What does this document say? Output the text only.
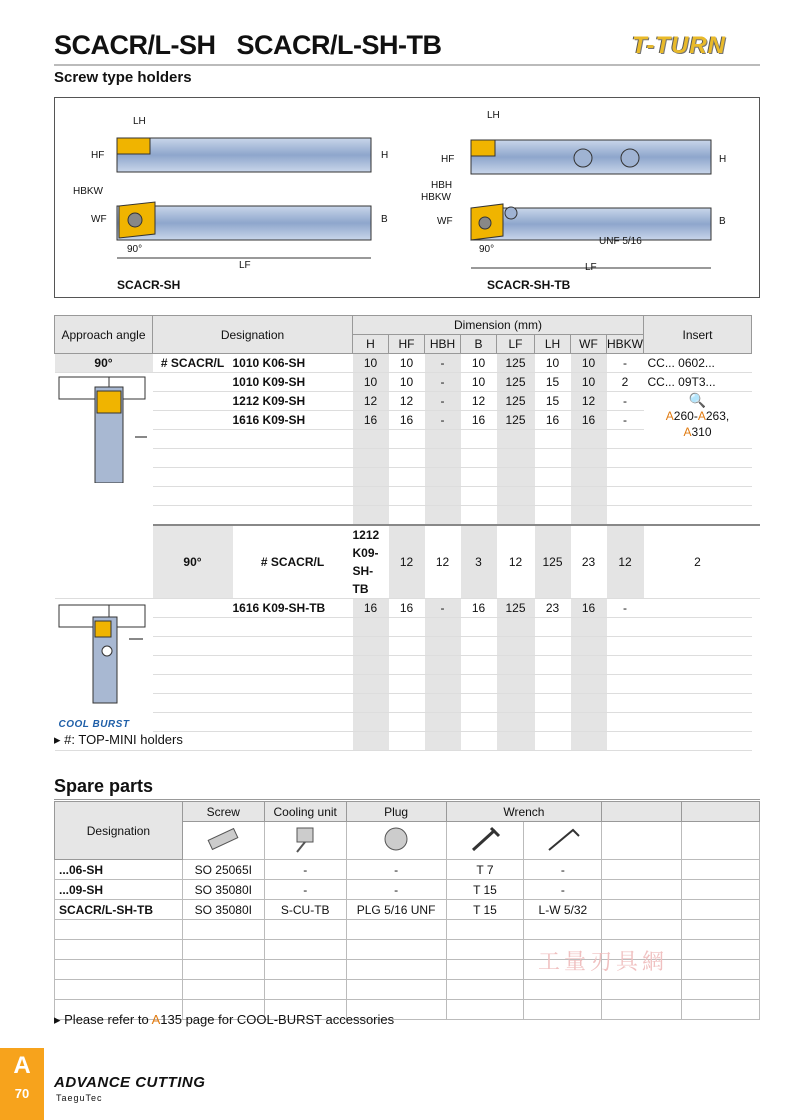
SCACR/L-SH   SCACR/L-SH-TB	T-TURN
Screw type holders
LH
HF	H
HBKW
WF	B
90°
LF
SCACR-SH
LH
HF	H
HBH
HBKW
WF	B
90°
UNF 5/16
LF
SCACR-SH-TB
Approach angle	Designation		Dimension (mm)								Insert	
			H	HF	HBH	B	LF	LH	WF	HBKW		
90°	# SCACR/L	1010 K06-SH	10	10	-	10	125	10	10	-	CC... 0602...	
		1010 K09-SH	10	10	-	10	125	15	10	2	CC... 09T3...	
		1212 K09-SH	12	12	-	12	125	15	12	-	🔍
A260-A263,
A310	
		1616 K09-SH	16	16	-	16	125	16	16	-		

	90°	# SCACR/L	1212 K09-SH-TB	12	12	3	12	125	23	12	2	

COOL BURST		1616 K09-SH-TB	16	16	-	16	125	23	16	-		

▸ #: TOP-MINI holders
Spare parts
Designation	Screw	Cooling unit	Plug	Wrench			

...06-SH	SO 25065I	-	-	T 7	-		
...09-SH	SO 35080I	-	-	T 15	-		
SCACR/L-SH-TB	SO 35080I	S-CU-TB	PLG 5/16 UNF	T 15	L-W 5/32		

工量刃具網
▸ Please refer to A135 page for COOL-BURST accessories
A
70
ADVANCE CUTTING
TaeguTec
